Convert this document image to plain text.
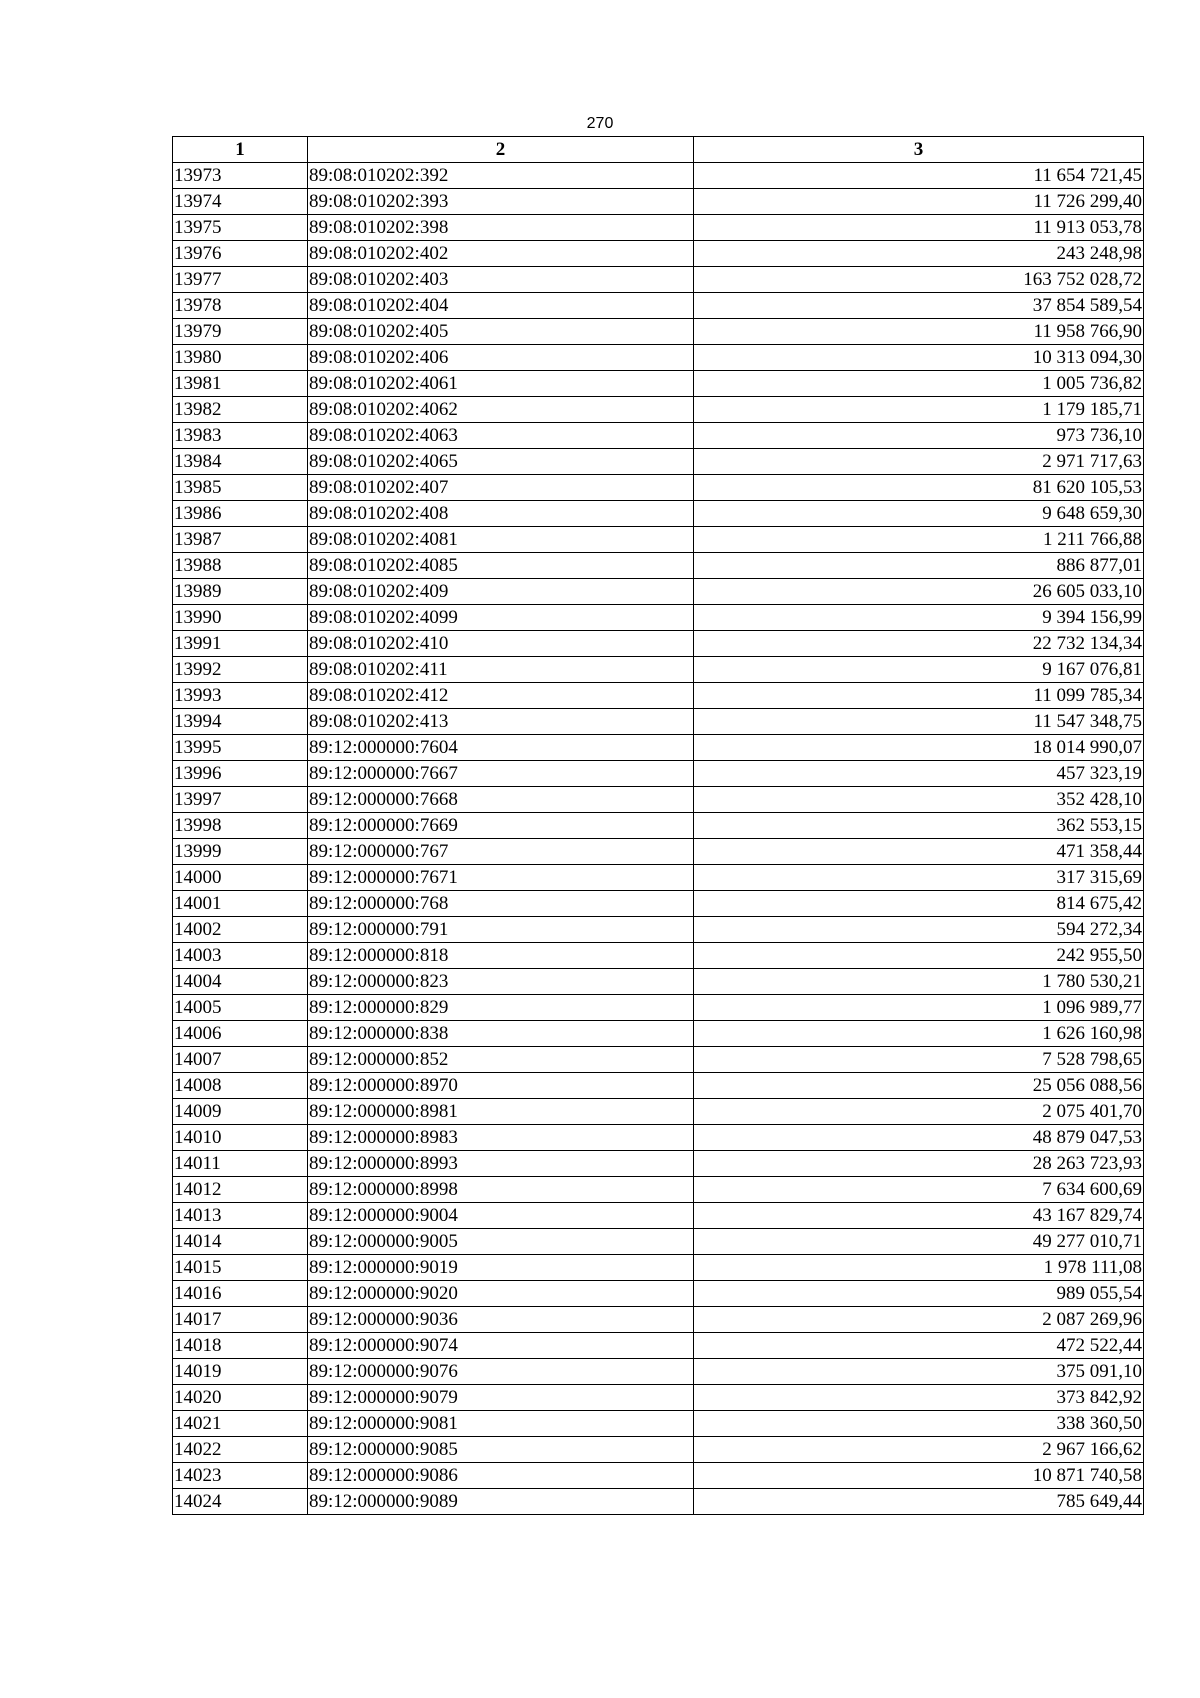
270
1	2	3
13973	89:08:010202:392	11 654 721,45
13974	89:08:010202:393	11 726 299,40
13975	89:08:010202:398	11 913 053,78
13976	89:08:010202:402	243 248,98
13977	89:08:010202:403	163 752 028,72
13978	89:08:010202:404	37 854 589,54
13979	89:08:010202:405	11 958 766,90
13980	89:08:010202:406	10 313 094,30
13981	89:08:010202:4061	1 005 736,82
13982	89:08:010202:4062	1 179 185,71
13983	89:08:010202:4063	973 736,10
13984	89:08:010202:4065	2 971 717,63
13985	89:08:010202:407	81 620 105,53
13986	89:08:010202:408	9 648 659,30
13987	89:08:010202:4081	1 211 766,88
13988	89:08:010202:4085	886 877,01
13989	89:08:010202:409	26 605 033,10
13990	89:08:010202:4099	9 394 156,99
13991	89:08:010202:410	22 732 134,34
13992	89:08:010202:411	9 167 076,81
13993	89:08:010202:412	11 099 785,34
13994	89:08:010202:413	11 547 348,75
13995	89:12:000000:7604	18 014 990,07
13996	89:12:000000:7667	457 323,19
13997	89:12:000000:7668	352 428,10
13998	89:12:000000:7669	362 553,15
13999	89:12:000000:767	471 358,44
14000	89:12:000000:7671	317 315,69
14001	89:12:000000:768	814 675,42
14002	89:12:000000:791	594 272,34
14003	89:12:000000:818	242 955,50
14004	89:12:000000:823	1 780 530,21
14005	89:12:000000:829	1 096 989,77
14006	89:12:000000:838	1 626 160,98
14007	89:12:000000:852	7 528 798,65
14008	89:12:000000:8970	25 056 088,56
14009	89:12:000000:8981	2 075 401,70
14010	89:12:000000:8983	48 879 047,53
14011	89:12:000000:8993	28 263 723,93
14012	89:12:000000:8998	7 634 600,69
14013	89:12:000000:9004	43 167 829,74
14014	89:12:000000:9005	49 277 010,71
14015	89:12:000000:9019	1 978 111,08
14016	89:12:000000:9020	989 055,54
14017	89:12:000000:9036	2 087 269,96
14018	89:12:000000:9074	472 522,44
14019	89:12:000000:9076	375 091,10
14020	89:12:000000:9079	373 842,92
14021	89:12:000000:9081	338 360,50
14022	89:12:000000:9085	2 967 166,62
14023	89:12:000000:9086	10 871 740,58
14024	89:12:000000:9089	785 649,44
